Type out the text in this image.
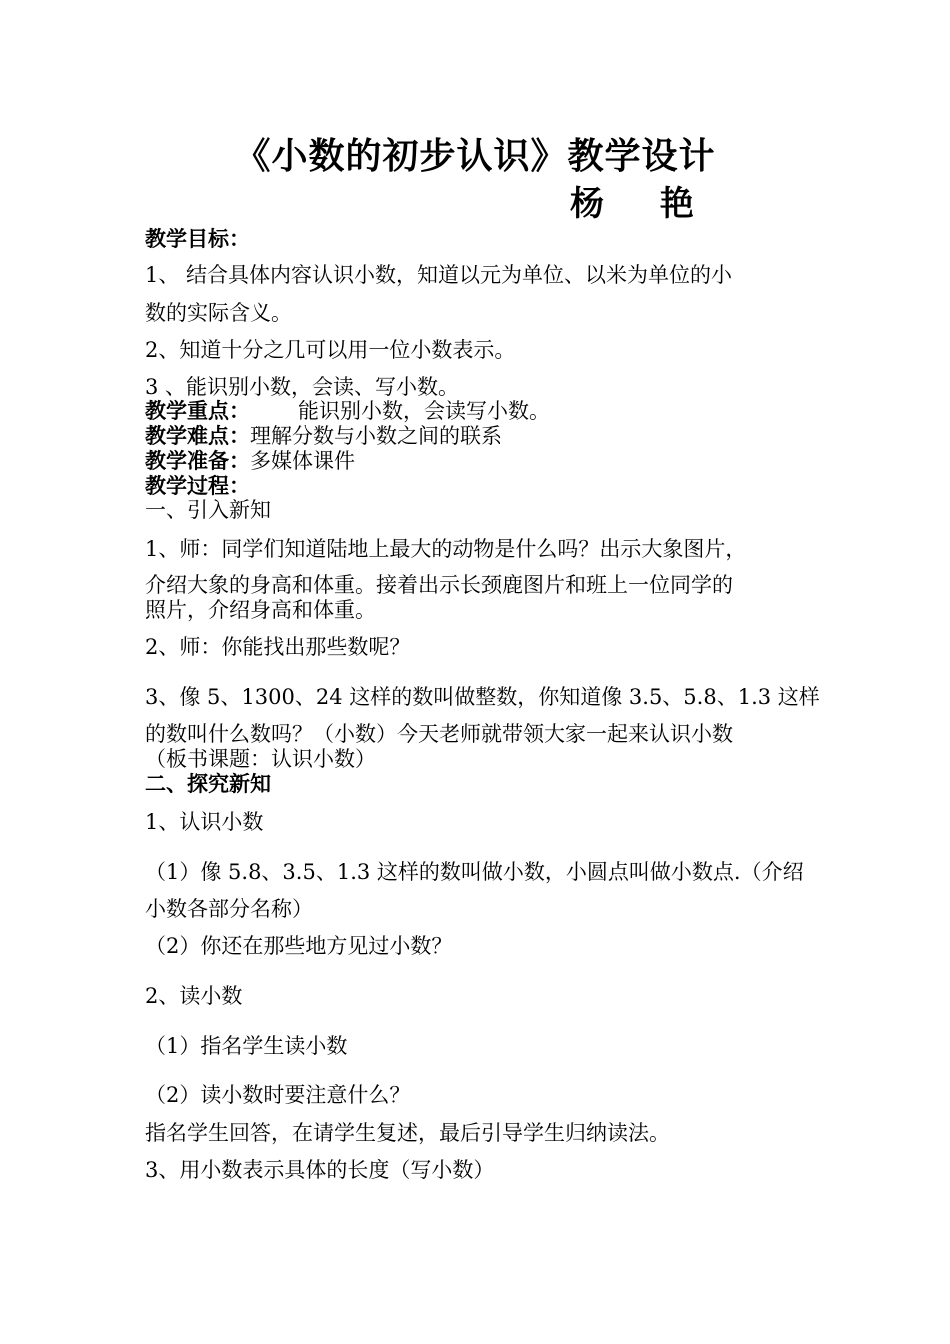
《小数的初步认识》教学设计
杨 艳
教学目标：
1、 结合具体内容认识小数，知道以元为单位、以米为单位的小
数的实际含义。
2、知道十分之几可以用一位小数表示。
3 、能识别小数，会读、写小数。
教学重点： 能识别小数，会读写小数。
教学难点：理解分数与小数之间的联系
教学准备：多媒体课件
教学过程：
一、引入新知
1、师：同学们知道陆地上最大的动物是什么吗？出示大象图片，
介绍大象的身高和体重。接着出示长颈鹿图片和班上一位同学的
照片，介绍身高和体重。
2、师：你能找出那些数呢？
3、像 5、1300、24 这样的数叫做整数，你知道像 3.5、5.8、1.3 这样
的数叫什么数吗？（小数）今天老师就带领大家一起来认识小数
（板书课题：认识小数）
二、探究新知
1、认识小数
（1）像 5.8、3.5、1.3 这样的数叫做小数，小圆点叫做小数点.（介绍
小数各部分名称）
（2）你还在那些地方见过小数？
2、读小数
（1）指名学生读小数
（2）读小数时要注意什么？
指名学生回答，在请学生复述，最后引导学生归纳读法。
3、用小数表示具体的长度（写小数）
